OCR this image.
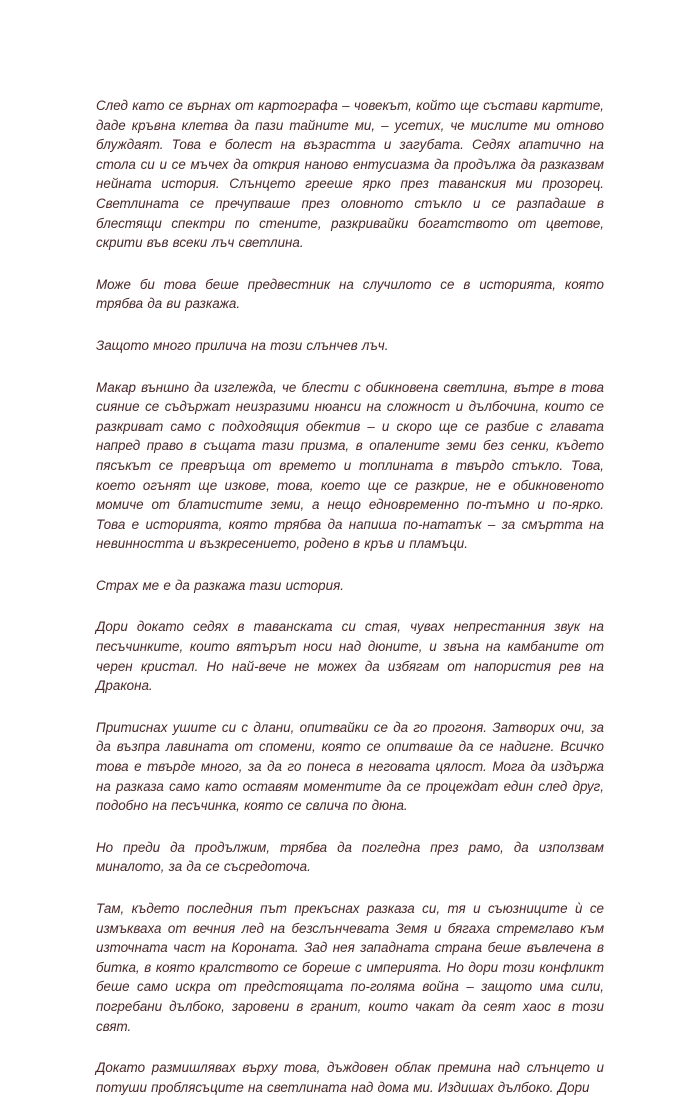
След като се върнах от картографа – човекът, който ще състави картите, даде кръвна клетва да пази тайните ми, – усетих, че мислите ми отново блуждаят. Това е болест на възрастта и загубата. Седях апатично на стола си и се мъчех да открия наново ентусиазма да продължа да разказвам нейната история. Слънцето грееше ярко през таванския ми прозорец. Светлината се пречупваше през оловното стъкло и се разпадаше в блестящи спектри по стените, разкривайки богатството от цветове, скрити във всеки лъч светлина.

Може би това беше предвестник на случилото се в историята, която трябва да ви разкажа.

Защото много прилича на този слънчев лъч.

Макар външно да изглежда, че блести с обикновена светлина, вътре в това сияние се съдържат неизразими нюанси на сложност и дълбочина, които се разкриват само с подходящия обектив – и скоро ще се разбие с главата напред право в същата тази призма, в опалените земи без сенки, където пясъкът се превръща от времето и топлината в твърдо стъкло. Това, което огънят ще изкове, това, което ще се разкрие, не е обикновеното момиче от блатистите земи, а нещо едновременно по-тъмно и по-ярко. Това е историята, която трябва да напиша по-нататък – за смъртта на невинността и възкресението, родено в кръв и пламъци.

Страх ме е да разкажа тази история.

Дори докато седях в таванската си стая, чувах непрестанния звук на песъчинките, които вятърът носи над дюните, и звъна на камбаните от черен кристал. Но най-вече не можех да избягам от напористия рев на Дракона.

Притиснах ушите си с длани, опитвайки се да го прогоня. Затворих очи, за да възпра лавината от спомени, която се опитваше да се надигне. Всичко това е твърде много, за да го понеса в неговата цялост. Мога да издържа на разказа само като оставям моментите да се процеждат един след друг, подобно на песъчинка, която се свлича по дюна.

Но преди да продължим, трябва да погледна през рамо, да използвам миналото, за да се съсредоточа.

Там, където последния път прекъснах разказа си, тя и съюзниците ѝ се измъкваха от вечния лед на безслънчевата Земя и бягаха стремглаво към източната част на Короната. Зад нея западната страна беше въвлечена в битка, в която кралството се бореше с империята. Но дори този конфликт беше само искра от предстоящата по-голяма война – защото има сили, погребани дълбоко, заровени в гранит, които чакат да сеят хаос в този свят.

Докато размишлявах върху това, дъждовен облак премина над слънцето и потуши проблясъците на светлината над дома ми. Издишах дълбоко. Дори
